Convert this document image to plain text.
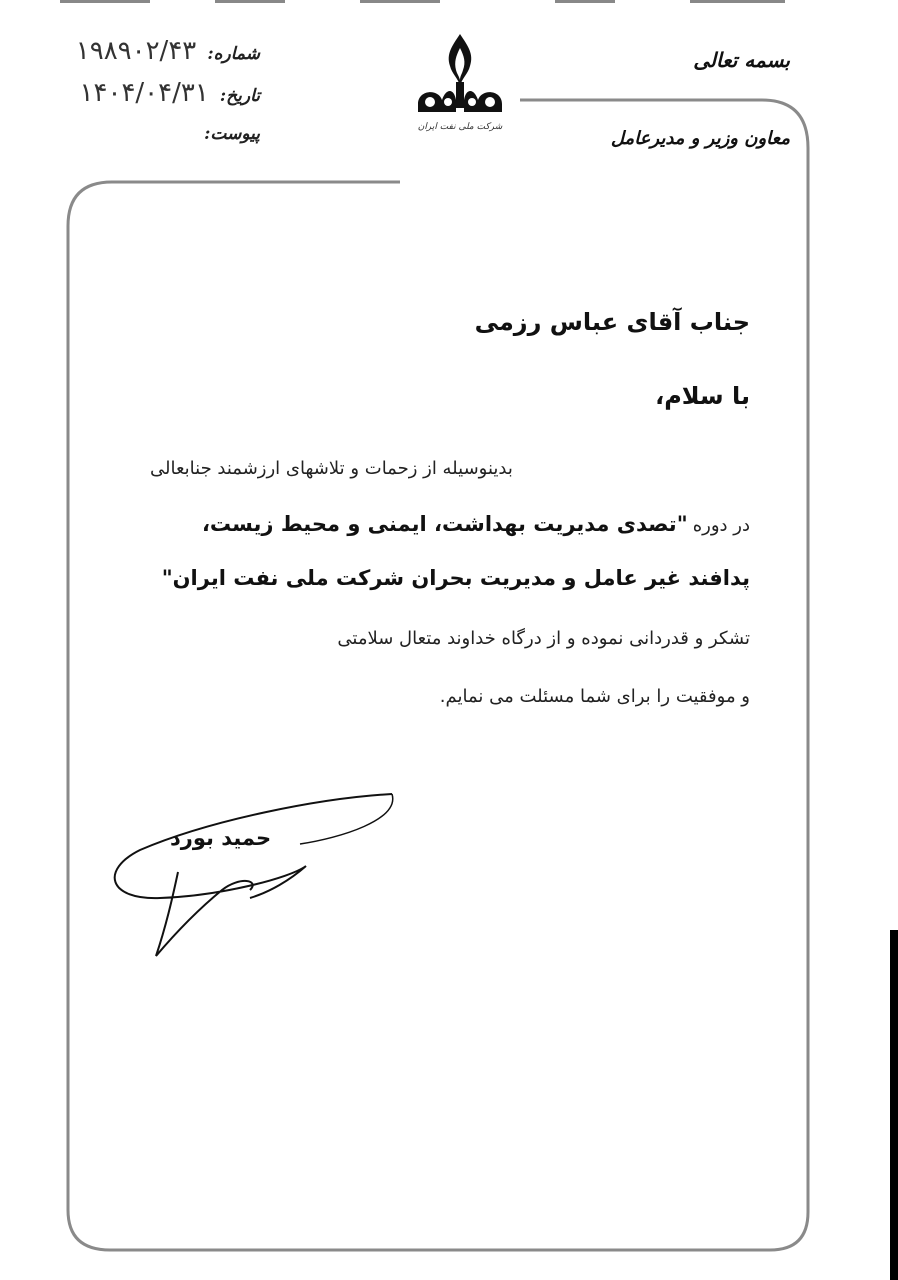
شماره: ۱۹۸۹۰۲/۴۳
تاریخ: ۱۴۰۴/۰۴/۳۱
پیوست:	شرکت ملی نفت ایران
بسمه تعالی
معاون وزیر و مدیرعامل
جناب آقای عباس رزمی
با سلام،
بدینوسیله از زحمات و تلاشهای ارزشمند جنابعالی
در دوره "تصدی مدیریت بهداشت، ایمنی و محیط زیست،
پدافند غیر عامل و مدیریت بحران شرکت ملی نفت ایران"
تشکر و قدردانی نموده و از درگاه خداوند متعال سلامتی
و موفقیت را برای شما مسئلت می نمایم.
حمید بورد
